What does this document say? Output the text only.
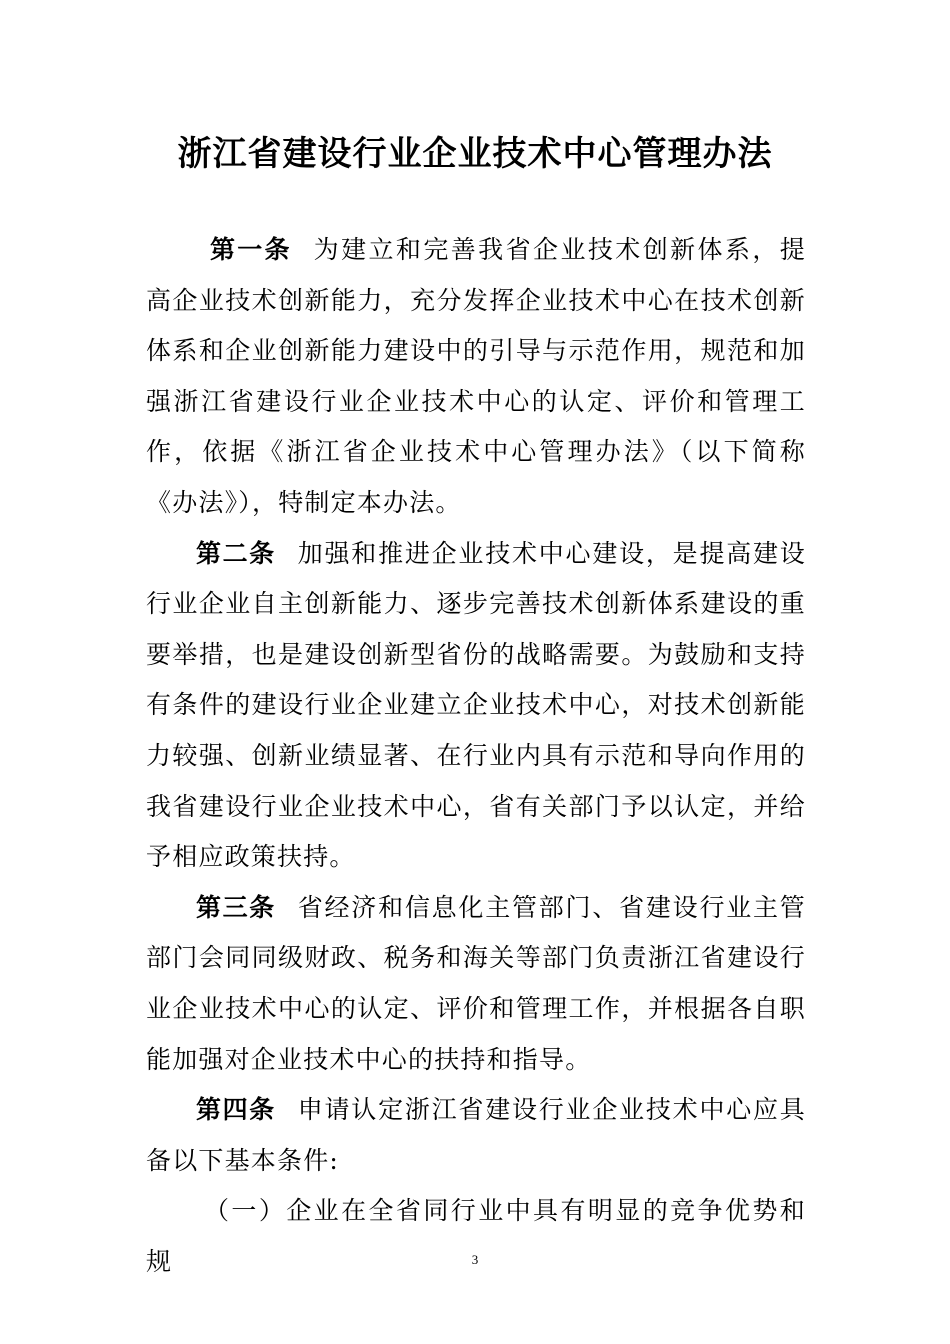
浙江省建设行业企业技术中心管理办法

第一条 为建立和完善我省企业技术创新体系，提高企业技术创新能力，充分发挥企业技术中心在技术创新体系和企业创新能力建设中的引导与示范作用，规范和加强浙江省建设行业企业技术中心的认定、评价和管理工作，依据《浙江省企业技术中心管理办法》（以下简称《办法》），特制定本办法。

第二条 加强和推进企业技术中心建设，是提高建设行业企业自主创新能力、逐步完善技术创新体系建设的重要举措，也是建设创新型省份的战略需要。为鼓励和支持有条件的建设行业企业建立企业技术中心，对技术创新能力较强、创新业绩显著、在行业内具有示范和导向作用的我省建设行业企业技术中心，省有关部门予以认定，并给予相应政策扶持。

第三条 省经济和信息化主管部门、省建设行业主管部门会同同级财政、税务和海关等部门负责浙江省建设行业企业技术中心的认定、评价和管理工作，并根据各自职能加强对企业技术中心的扶持和指导。

第四条 申请认定浙江省建设行业企业技术中心应具备以下基本条件:

（一）企业在全省同行业中具有明显的竞争优势和规	3
